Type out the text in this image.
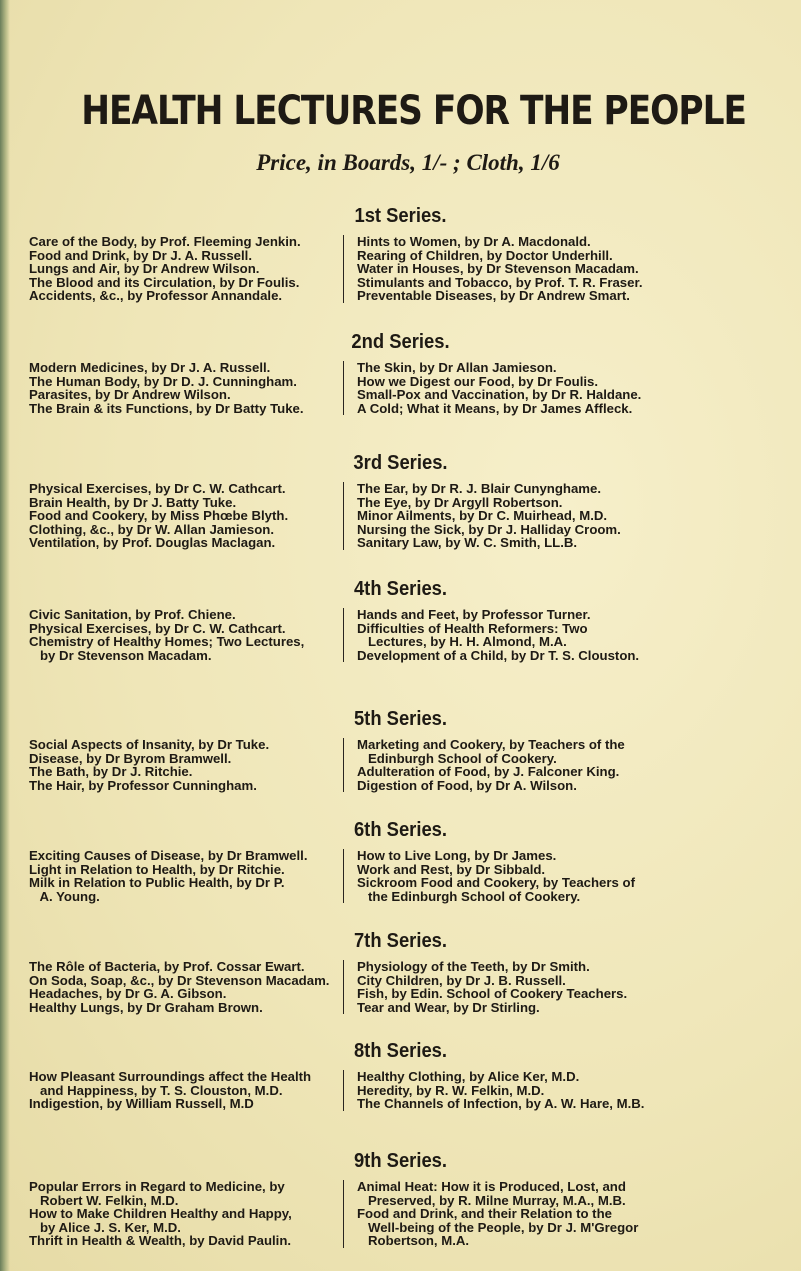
HEALTH LECTURES FOR THE PEOPLE
Price, in Boards, 1/- ; Cloth, 1/6
1st Series.
Care of the Body, by Prof. Fleeming Jenkin.
Food and Drink, by Dr J. A. Russell.
Lungs and Air, by Dr Andrew Wilson.
The Blood and its Circulation, by Dr Foulis.
Accidents, &c., by Professor Annandale.
Hints to Women, by Dr A. Macdonald.
Rearing of Children, by Doctor Underhill.
Water in Houses, by Dr Stevenson Macadam.
Stimulants and Tobacco, by Prof. T. R. Fraser.
Preventable Diseases, by Dr Andrew Smart.
2nd Series.
Modern Medicines, by Dr J. A. Russell.
The Human Body, by Dr D. J. Cunningham.
Parasites, by Dr Andrew Wilson.
The Brain & its Functions, by Dr Batty Tuke.
The Skin, by Dr Allan Jamieson.
How we Digest our Food, by Dr Foulis.
Small-Pox and Vaccination, by Dr R. Haldane.
A Cold; What it Means, by Dr James Affleck.
3rd Series.
Physical Exercises, by Dr C. W. Cathcart.
Brain Health, by Dr J. Batty Tuke.
Food and Cookery, by Miss Phœbe Blyth.
Clothing, &c., by Dr W. Allan Jamieson.
Ventilation, by Prof. Douglas Maclagan.
The Ear, by Dr R. J. Blair Cunynghame.
The Eye, by Dr Argyll Robertson.
Minor Ailments, by Dr C. Muirhead, M.D.
Nursing the Sick, by Dr J. Halliday Croom.
Sanitary Law, by W. C. Smith, LL.B.
4th Series.
Civic Sanitation, by Prof. Chiene.
Physical Exercises, by Dr C. W. Cathcart.
Chemistry of Healthy Homes; Two Lectures,
by Dr Stevenson Macadam.
Hands and Feet, by Professor Turner.
Difficulties of Health Reformers: Two
Lectures, by H. H. Almond, M.A.
Development of a Child, by Dr T. S. Clouston.
5th Series.
Social Aspects of Insanity, by Dr Tuke.
Disease, by Dr Byrom Bramwell.
The Bath, by Dr J. Ritchie.
The Hair, by Professor Cunningham.
Marketing and Cookery, by Teachers of the
Edinburgh School of Cookery.
Adulteration of Food, by J. Falconer King.
Digestion of Food, by Dr A. Wilson.
6th Series.
Exciting Causes of Disease, by Dr Bramwell.
Light in Relation to Health, by Dr Ritchie.
Milk in Relation to Public Health, by Dr P.
A. Young.
How to Live Long, by Dr James.
Work and Rest, by Dr Sibbald.
Sickroom Food and Cookery, by Teachers of
the Edinburgh School of Cookery.
7th Series.
The Rôle of Bacteria, by Prof. Cossar Ewart.
On Soda, Soap, &c., by Dr Stevenson Macadam.
Headaches, by Dr G. A. Gibson.
Healthy Lungs, by Dr Graham Brown.
Physiology of the Teeth, by Dr Smith.
City Children, by Dr J. B. Russell.
Fish, by Edin. School of Cookery Teachers.
Tear and Wear, by Dr Stirling.
8th Series.
How Pleasant Surroundings affect the Health
and Happiness, by T. S. Clouston, M.D.
Indigestion, by William Russell, M.D
Healthy Clothing, by Alice Ker, M.D.
Heredity, by R. W. Felkin, M.D.
The Channels of Infection, by A. W. Hare, M.B.
9th Series.
Popular Errors in Regard to Medicine, by
Robert W. Felkin, M.D.
How to Make Children Healthy and Happy,
by Alice J. S. Ker, M.D.
Thrift in Health & Wealth, by David Paulin.
Animal Heat: How it is Produced, Lost, and
Preserved, by R. Milne Murray, M.A., M.B.
Food and Drink, and their Relation to the
Well-being of the People, by Dr J. M'Gregor
Robertson, M.A.
